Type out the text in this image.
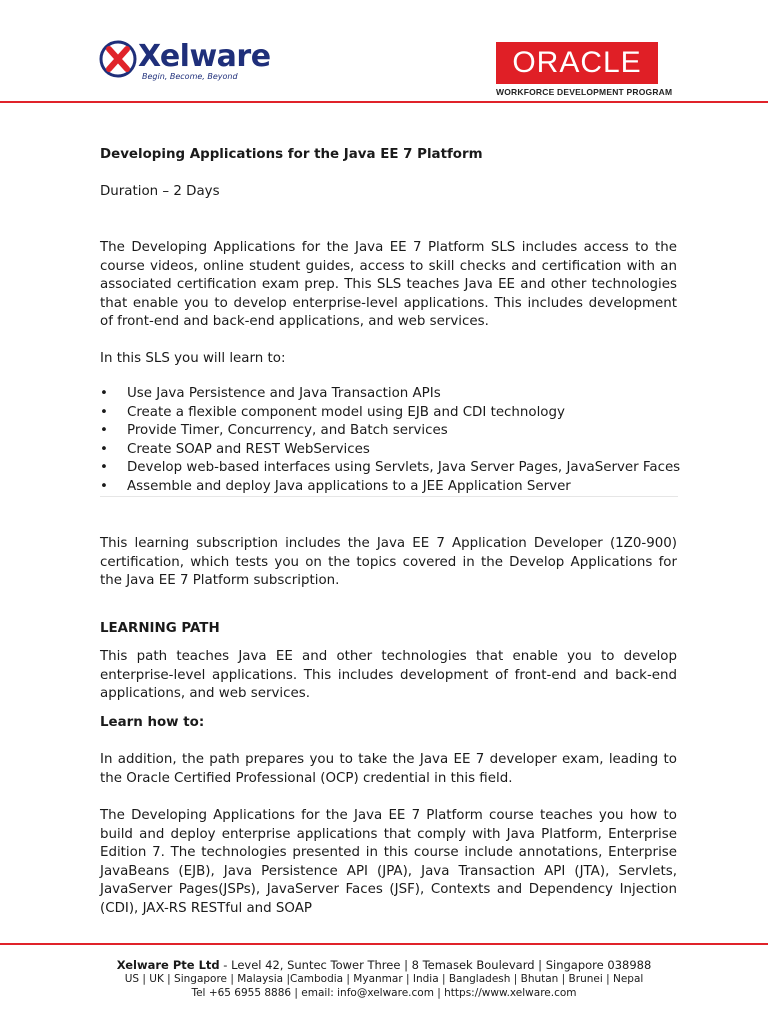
Xelware
Begin, Become, Beyond	ORACLE
WORKFORCE DEVELOPMENT PROGRAM
Developing Applications for the Java EE 7 Platform
Duration – 2 Days
The Developing Applications for the Java EE 7 Platform SLS includes access to the course videos, online student guides, access to skill checks and certification with an associated certification exam prep. This SLS teaches Java EE and other technologies that enable you to develop enterprise-level applications. This includes development of front-end and back-end applications, and web services.
In this SLS you will learn to:
• Use Java Persistence and Java Transaction APIs
• Create a flexible component model using EJB and CDI technology
• Provide Timer, Concurrency, and Batch services
• Create SOAP and REST WebServices
• Develop web-based interfaces using Servlets, Java Server Pages, JavaServer Faces
• Assemble and deploy Java applications to a JEE Application Server
This learning subscription includes the Java EE 7 Application Developer (1Z0-900) certification, which tests you on the topics covered in the Develop Applications for the Java EE 7 Platform subscription.
LEARNING PATH
This path teaches Java EE and other technologies that enable you to develop enterprise-level applications. This includes development of front-end and back-end applications, and web services.
Learn how to:
In addition, the path prepares you to take the Java EE 7 developer exam, leading to the Oracle Certified Professional (OCP) credential in this field.
The Developing Applications for the Java EE 7 Platform course teaches you how to build and deploy enterprise applications that comply with Java Platform, Enterprise Edition 7. The technologies presented in this course include annotations, Enterprise JavaBeans (EJB), Java Persistence API (JPA), Java Transaction API (JTA), Servlets, JavaServer Pages(JSPs), JavaServer Faces (JSF), Contexts and Dependency Injection (CDI), JAX-RS RESTful and SOAP
Xelware Pte Ltd - Level 42, Suntec Tower Three | 8 Temasek Boulevard | Singapore 038988
US | UK | Singapore | Malaysia |Cambodia | Myanmar | India | Bangladesh | Bhutan | Brunei | Nepal
Tel +65 6955 8886 | email: info@xelware.com | https://www.xelware.com
